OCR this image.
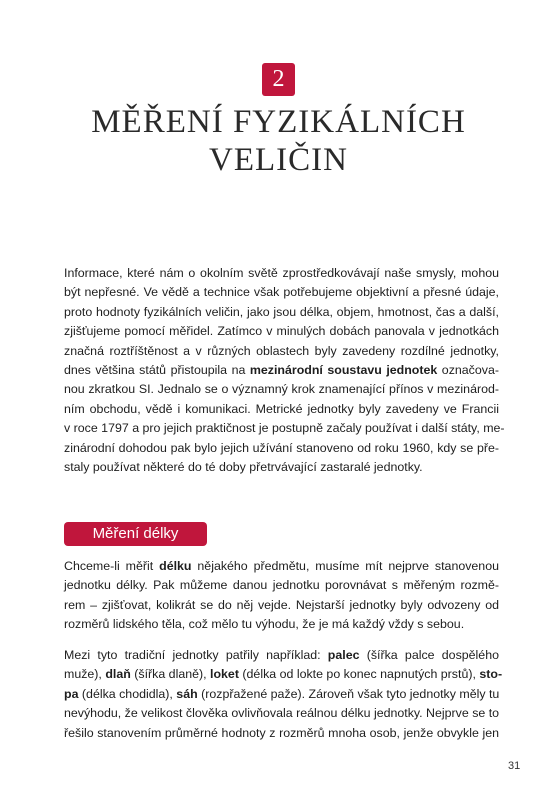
2
MĚŘENÍ FYZIKÁLNÍCH
VELIČIN
Informace, které nám o okolním světě zprostředkovávají naše smysly, mohou
být nepřesné. Ve vědě a technice však potřebujeme objektivní a přesné údaje,
proto hodnoty fyzikálních veličin, jako jsou délka, objem, hmotnost, čas a další,
zjišťujeme pomocí měřidel. Zatímco v minulých dobách panovala v jednotkách
značná roztříštěnost a v různých oblastech byly zavedeny rozdílné jednotky,
dnes většina států přistoupila na mezinárodní soustavu jednotek označova-
nou zkratkou SI. Jednalo se o významný krok znamenající přínos v mezinárod-
ním obchodu, vědě i komunikaci. Metrické jednotky byly zavedeny ve Francii
v roce 1797 a pro jejich praktičnost je postupně začaly používat i další státy, me-
zinárodní dohodou pak bylo jejich užívání stanoveno od roku 1960, kdy se pře-
staly používat některé do té doby přetrvávající zastaralé jednotky.
Měření délky
Chceme-li měřit délku nějakého předmětu, musíme mít nejprve stanovenou
jednotku délky. Pak můžeme danou jednotku porovnávat s měřeným rozmě-
rem – zjišťovat, kolikrát se do něj vejde. Nejstarší jednotky byly odvozeny od
rozměrů lidského těla, což mělo tu výhodu, že je má každý vždy s sebou.
Mezi tyto tradiční jednotky patřily například: palec (šířka palce dospělého
muže), dlaň (šířka dlaně), loket (délka od lokte po konec napnutých prstů), sto-
pa (délka chodidla), sáh (rozpřažené paže). Zároveň však tyto jednotky měly tu
nevýhodu, že velikost člověka ovlivňovala reálnou délku jednotky. Nejprve se to
řešilo stanovením průměrné hodnoty z rozměrů mnoha osob, jenže obvykle jen
31
